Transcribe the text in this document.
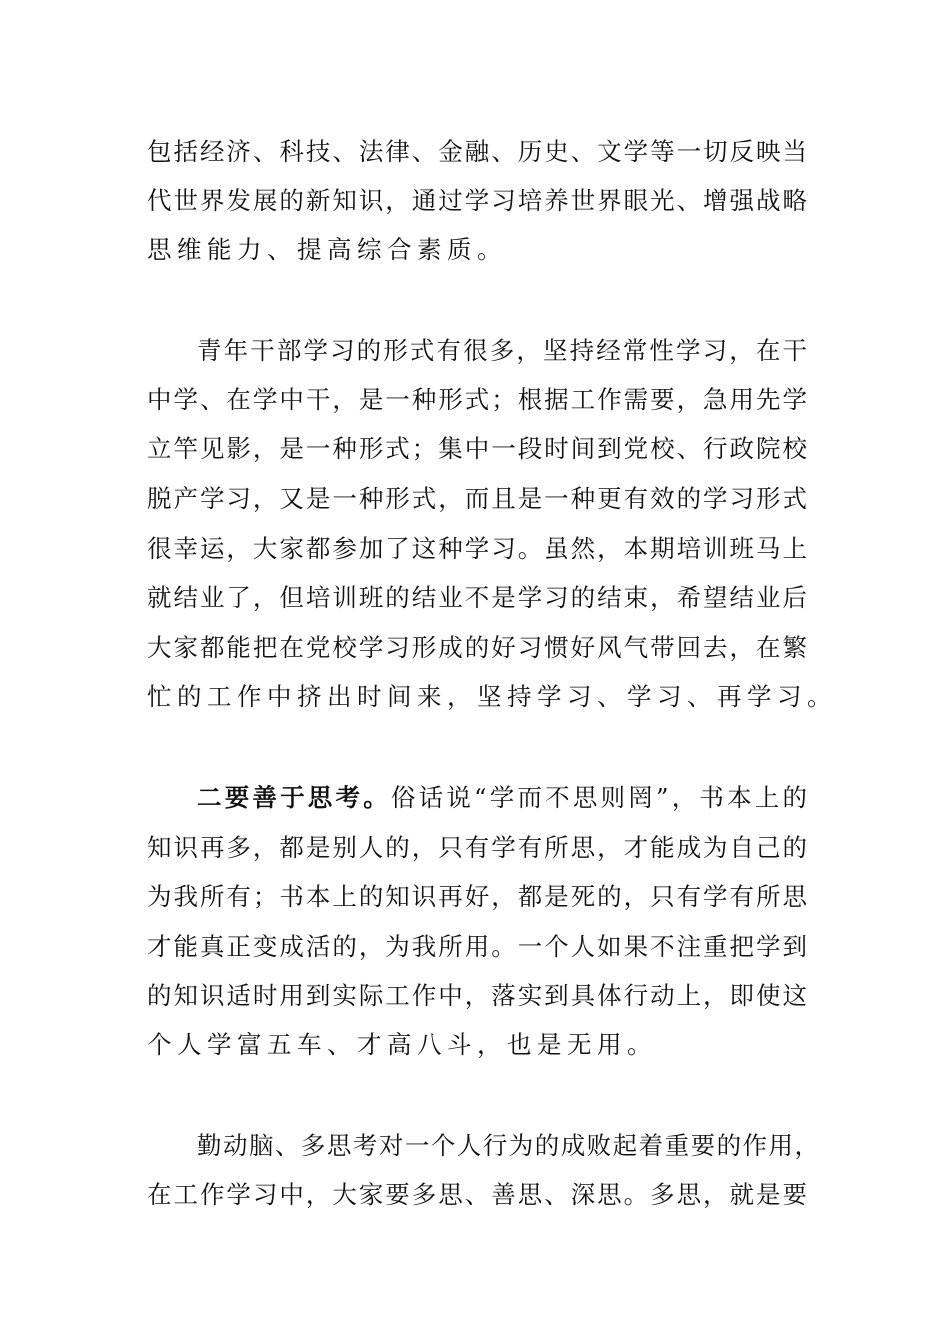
包括经济、科技、法律、金融、历史、文学等一切反映当
代世界发展的新知识，通过学习培养世界眼光、增强战略
思维能力、提高综合素质。
青年干部学习的形式有很多，坚持经常性学习，在干
中学、在学中干，是一种形式；根据工作需要，急用先学
立竿见影，是一种形式；集中一段时间到党校、行政院校
脱产学习，又是一种形式，而且是一种更有效的学习形式
很幸运，大家都参加了这种学习。虽然，本期培训班马上
就结业了，但培训班的结业不是学习的结束，希望结业后
大家都能把在党校学习形成的好习惯好风气带回去，在繁
忙的工作中挤出时间来，坚持学习、学习、再学习。
二要善于思考。俗话说“学而不思则罔”，书本上的
知识再多，都是别人的，只有学有所思，才能成为自己的
为我所有；书本上的知识再好，都是死的，只有学有所思
才能真正变成活的，为我所用。一个人如果不注重把学到
的知识适时用到实际工作中，落实到具体行动上，即使这
个人学富五车、才高八斗，也是无用。
勤动脑、多思考对一个人行为的成败起着重要的作用，
在工作学习中，大家要多思、善思、深思。多思，就是要
